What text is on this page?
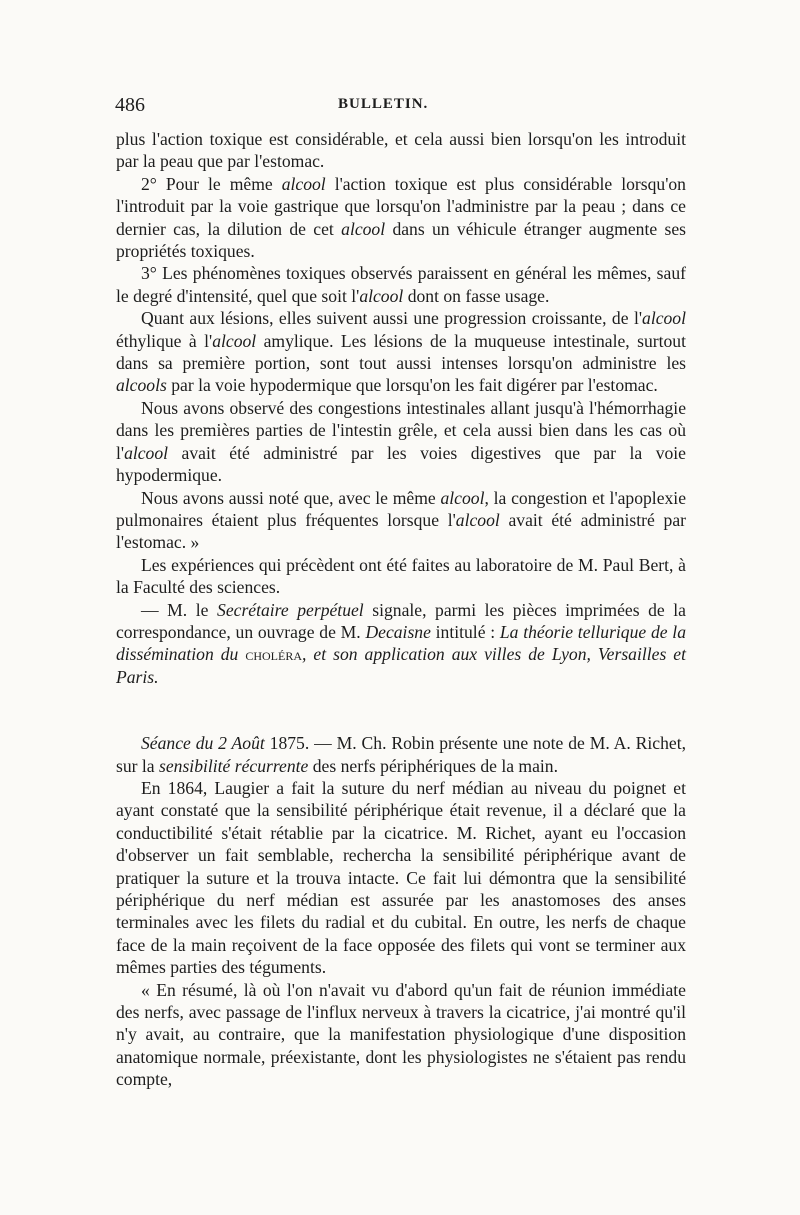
486	BULLETIN.

plus l'action toxique est considérable, et cela aussi bien lorsqu'on les introduit par la peau que par l'estomac.

2° Pour le même alcool l'action toxique est plus considérable lorsqu'on l'introduit par la voie gastrique que lorsqu'on l'administre par la peau ; dans ce dernier cas, la dilution de cet alcool dans un véhicule étranger augmente ses propriétés toxiques.

3° Les phénomènes toxiques observés paraissent en général les mêmes, sauf le degré d'intensité, quel que soit l'alcool dont on fasse usage.

Quant aux lésions, elles suivent aussi une progression croissante, de l'alcool éthylique à l'alcool amylique. Les lésions de la muqueuse intestinale, surtout dans sa première portion, sont tout aussi intenses lorsqu'on administre les alcools par la voie hypodermique que lorsqu'on les fait digérer par l'estomac.

Nous avons observé des congestions intestinales allant jusqu'à l'hémorrhagie dans les premières parties de l'intestin grêle, et cela aussi bien dans les cas où l'alcool avait été administré par les voies digestives que par la voie hypodermique.

Nous avons aussi noté que, avec le même alcool, la congestion et l'apoplexie pulmonaires étaient plus fréquentes lorsque l'alcool avait été administré par l'estomac. »

Les expériences qui précèdent ont été faites au laboratoire de M. Paul Bert, à la Faculté des sciences.

— M. le Secrétaire perpétuel signale, parmi les pièces imprimées de la correspondance, un ouvrage de M. Decaisne intitulé : La théorie tellurique de la dissémination du choléra, et son application aux villes de Lyon, Versailles et Paris.

Séance du 2 Août 1875. — M. Ch. Robin présente une note de M. A. Richet, sur la sensibilité récurrente des nerfs périphériques de la main.

En 1864, Laugier a fait la suture du nerf médian au niveau du poignet et ayant constaté que la sensibilité périphérique était revenue, il a déclaré que la conductibilité s'était rétablie par la cicatrice. M. Richet, ayant eu l'occasion d'observer un fait semblable, rechercha la sensibilité périphérique avant de pratiquer la suture et la trouva intacte. Ce fait lui démontra que la sensibilité périphérique du nerf médian est assurée par les anastomoses des anses terminales avec les filets du radial et du cubital. En outre, les nerfs de chaque face de la main reçoivent de la face opposée des filets qui vont se terminer aux mêmes parties des téguments.

« En résumé, là où l'on n'avait vu d'abord qu'un fait de réunion immédiate des nerfs, avec passage de l'influx nerveux à travers la cicatrice, j'ai montré qu'il n'y avait, au contraire, que la manifestation physiologique d'une disposition anatomique normale, préexistante, dont les physiologistes ne s'étaient pas rendu compte,
